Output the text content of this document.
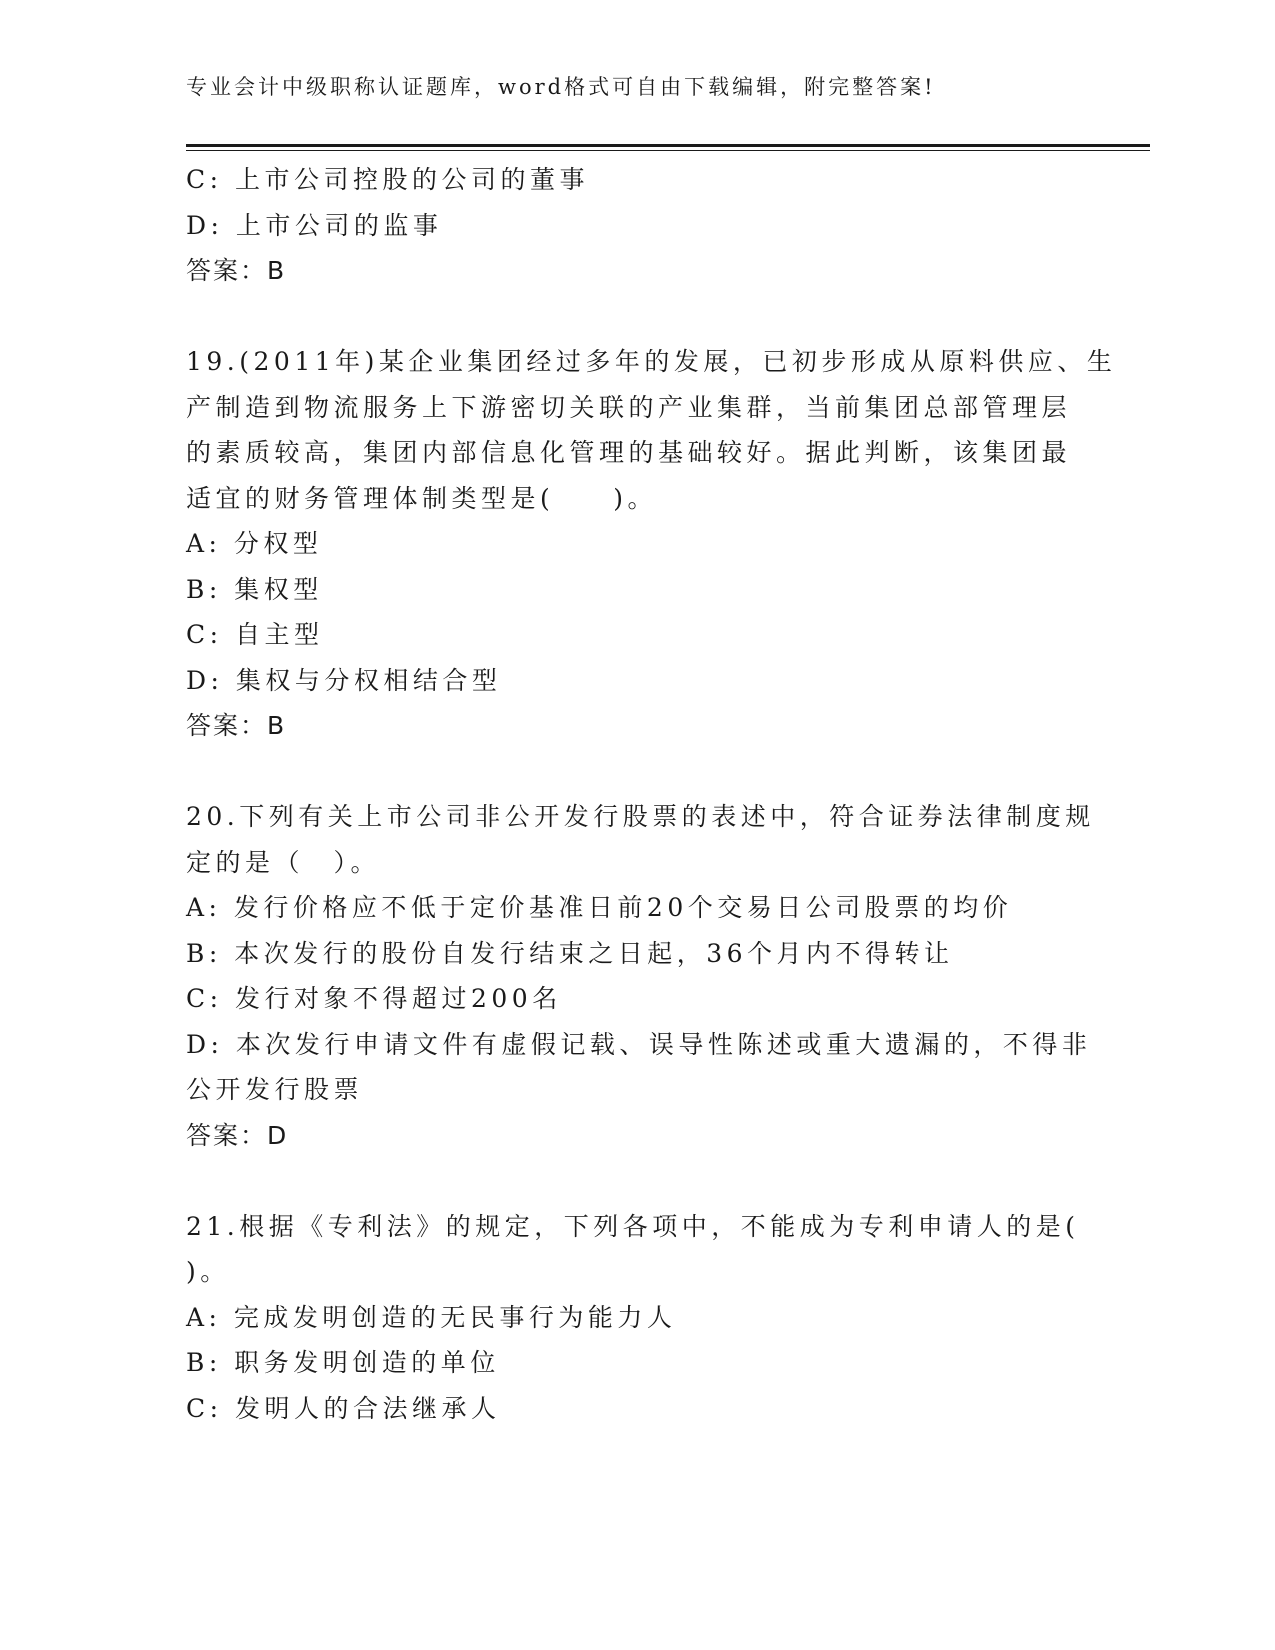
专业会计中级职称认证题库，word格式可自由下载编辑，附完整答案!
C: 上市公司控股的公司的董事
D: 上市公司的监事
答案：B
19.(2011年)某企业集团经过多年的发展，已初步形成从原料供应、生
产制造到物流服务上下游密切关联的产业集群，当前集团总部管理层
的素质较高，集团内部信息化管理的基础较好。据此判断，该集团最
适宜的财务管理体制类型是(　　)。
A: 分权型
B: 集权型
C: 自主型
D: 集权与分权相结合型
答案：B
20.下列有关上市公司非公开发行股票的表述中，符合证券法律制度规
定的是（　）。
A: 发行价格应不低于定价基准日前20个交易日公司股票的均价
B: 本次发行的股份自发行结束之日起，36个月内不得转让
C: 发行对象不得超过200名
D: 本次发行申请文件有虚假记载、误导性陈述或重大遗漏的，不得非
公开发行股票
答案：D
21.根据《专利法》的规定，下列各项中，不能成为专利申请人的是(
)。
A: 完成发明创造的无民事行为能力人
B: 职务发明创造的单位
C: 发明人的合法继承人
